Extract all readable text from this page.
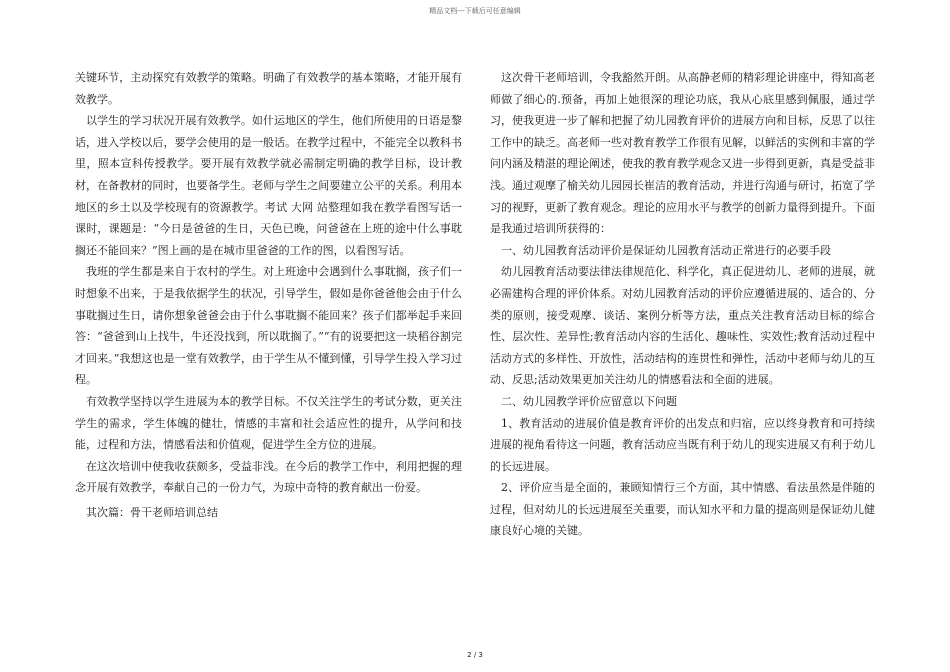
精品文档---下载后可任意编辑

关键环节，主动探究有效教学的策略。明确了有效教学的基本策略，才能开展有效教学。

以学生的学习状况开展有效教学。如什运地区的学生，他们所使用的日语是黎话，进入学校以后，要学会使用的是一般话。在教学过程中，不能完全以教科书里，照本宣科传授教学。要开展有效教学就必需制定明确的教学目标，设计教材，在备教材的同时，也要备学生。老师与学生之间要建立公平的关系。利用本地区的乡土以及学校现有的资源教学。考试 大网 站整理如我在教学看图写话一课时，课题是：“今日是爸爸的生日，天色已晚，问爸爸在上班的途中什么事耽搁还不能回来？”图上画的是在城市里爸爸的工作的图，以看图写话。

我班的学生都是来自于农村的学生。对上班途中会遇到什么事耽搁，孩子们一时想象不出来，于是我依据学生的状况，引导学生，假如是你爸爸他会由于什么事耽搁过生日，请你想象爸爸会由于什么事耽搁不能回来？孩子们都举起手来回答：“爸爸到山上找牛，牛还没找到，所以耽搁了。”“有的说要把这一块稻谷割完才回来。”我想这也是一堂有效教学，由于学生从不懂到懂，引导学生投入学习过程。

有效教学坚持以学生进展为本的教学目标。不仅关注学生的考试分数，更关注学生的需求，学生体魄的健壮，情感的丰富和社会适应性的提升，从学问和技能，过程和方法，情感看法和价值观，促进学生全方位的进展。

在这次培训中使我收获颇多，受益非浅。在今后的教学工作中，利用把握的理念开展有效教学，奉献自己的一份力气，为琼中奇特的教育献出一份爱。

其次篇：骨干老师培训总结

这次骨干老师培训，令我豁然开朗。从高静老师的精彩理论讲座中，得知高老师做了细心的.预备，再加上她很深的理论功底，我从心底里感到佩服，通过学习，使我更进一步了解和把握了幼儿园教育评价的进展方向和目标，反思了以往工作中的缺乏。高老师一些对教育教学工作很有见解，以鲜活的实例和丰富的学问内涵及精湛的理论阐述，使我的教育教学观念又进一步得到更新，真是受益非浅。通过观摩了榆关幼儿园园长崔洁的教育活动，并进行沟通与研讨，拓宽了学习的视野，更新了教育观念。理论的应用水平与教学的创新力量得到提升。下面是我通过培训所获得的：

一、幼儿园教育活动评价是保证幼儿园教育活动正常进行的必要手段

幼儿园教育活动要法律法律规范化、科学化，真正促进幼儿、老师的进展，就必需建构合理的评价体系。对幼儿园教育活动的评价应遵循进展的、适合的、分类的原则，接受观摩、谈话、案例分析等方法，重点关注教育活动目标的综合性、层次性、差异性;教育活动内容的生活化、趣味性、实效性;教育活动过程中活动方式的多样性、开放性，活动结构的连贯性和弹性，活动中老师与幼儿的互动、反思;活动效果更加关注幼儿的情感看法和全面的进展。

二、幼儿园教学评价应留意以下问题

1、教育活动的进展价值是教育评价的出发点和归宿，应以终身教育和可持续进展的视角看待这一问题，教育活动应当既有利于幼儿的现实进展又有利于幼儿的长远进展。

2、评价应当是全面的，兼顾知情行三个方面，其中情感、看法虽然是伴随的过程，但对幼儿的长远进展至关重要，而认知水平和力量的提高则是保证幼儿健康良好心境的关键。

2 / 3
